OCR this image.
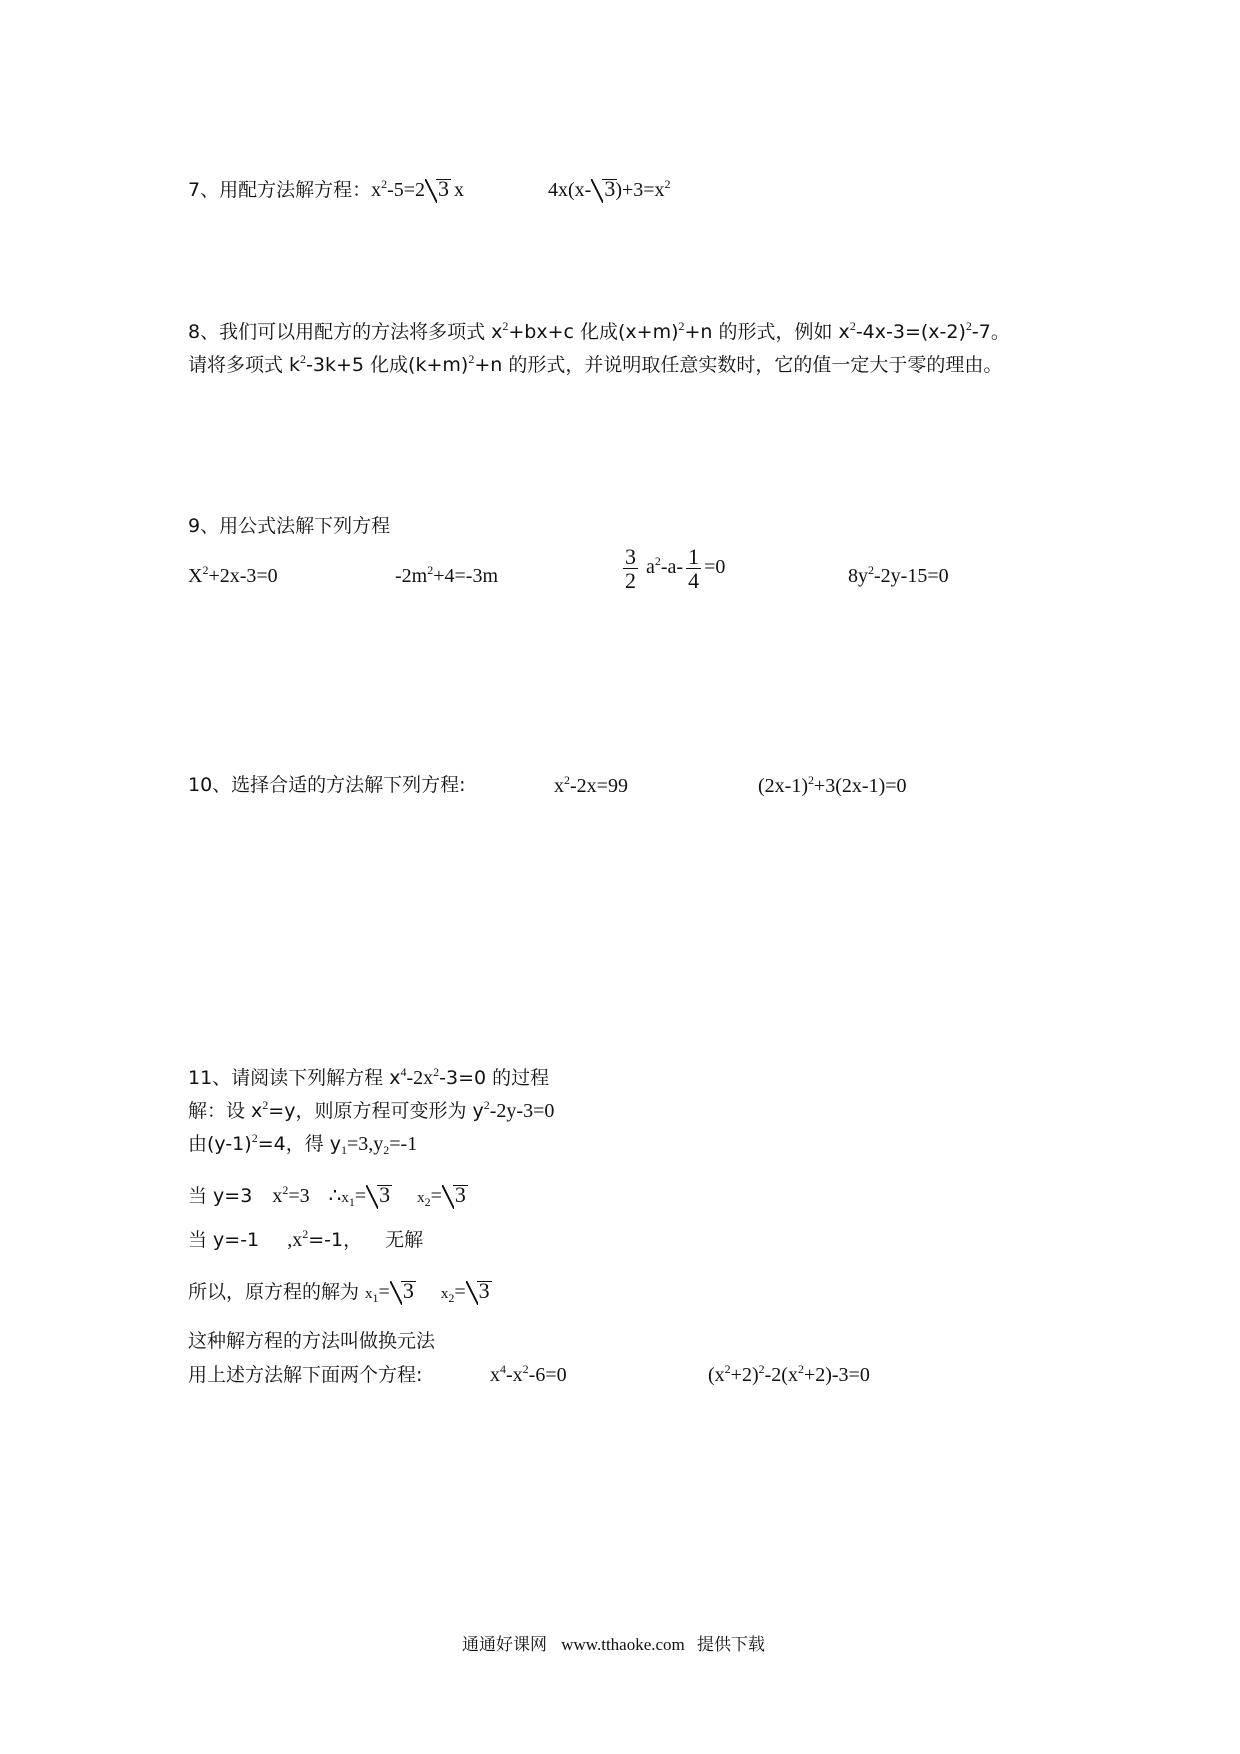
7、用配方法解方程：$x^2-5=2$ 3 x	4x(x- $3)+3=x^2$
8、我们可以用配方的方法将多项式 $x^2+bx+c$ 化成$(x+m)^2+n$ 的形式，例如 $x^2-4x-3=(x-2)^2-7$。
请将多项式 $k^2-3k+5$ 化成$(k+m)^2+n$ 的形式，并说明取任意实数时，它的值一定大于零的理由。
9、用公式法解下列方程
$X^2+2x-3=0$	$-2m^2+4=-3m$	$\frac{3}{2} a^2-a- \frac{1}{4} =0$	$8y^2-2y-15=0$
10、选择合适的方法解下列方程:	$x^2-2x=99$	$(2x-1)^2+3(2x-1)=0$
11、请阅读下列解方程 $x^4-2x^2-3=0$ 的过程
解：设 $x^2=y$，则原方程可变形为 $y^2-2y-3=0$
由$(y-1)^2=4$，得 $y_1=3,y_2=-1$
当 y=3 $x^2=3$ $\therefore x_1= 3$ $x_2= 3$
当 y=-1 $,x^2=-1$， 无解
所以，原方程的解为 $x_1= 3$ $x_2= 3$
这种解方程的方法叫做换元法
用上述方法解下面两个方程:	$x^4-x^2-6=0$	$(x^2+2)^2-2(x^2+2)-3=0$
通通好课网 www.tthaoke.com 提供下载
